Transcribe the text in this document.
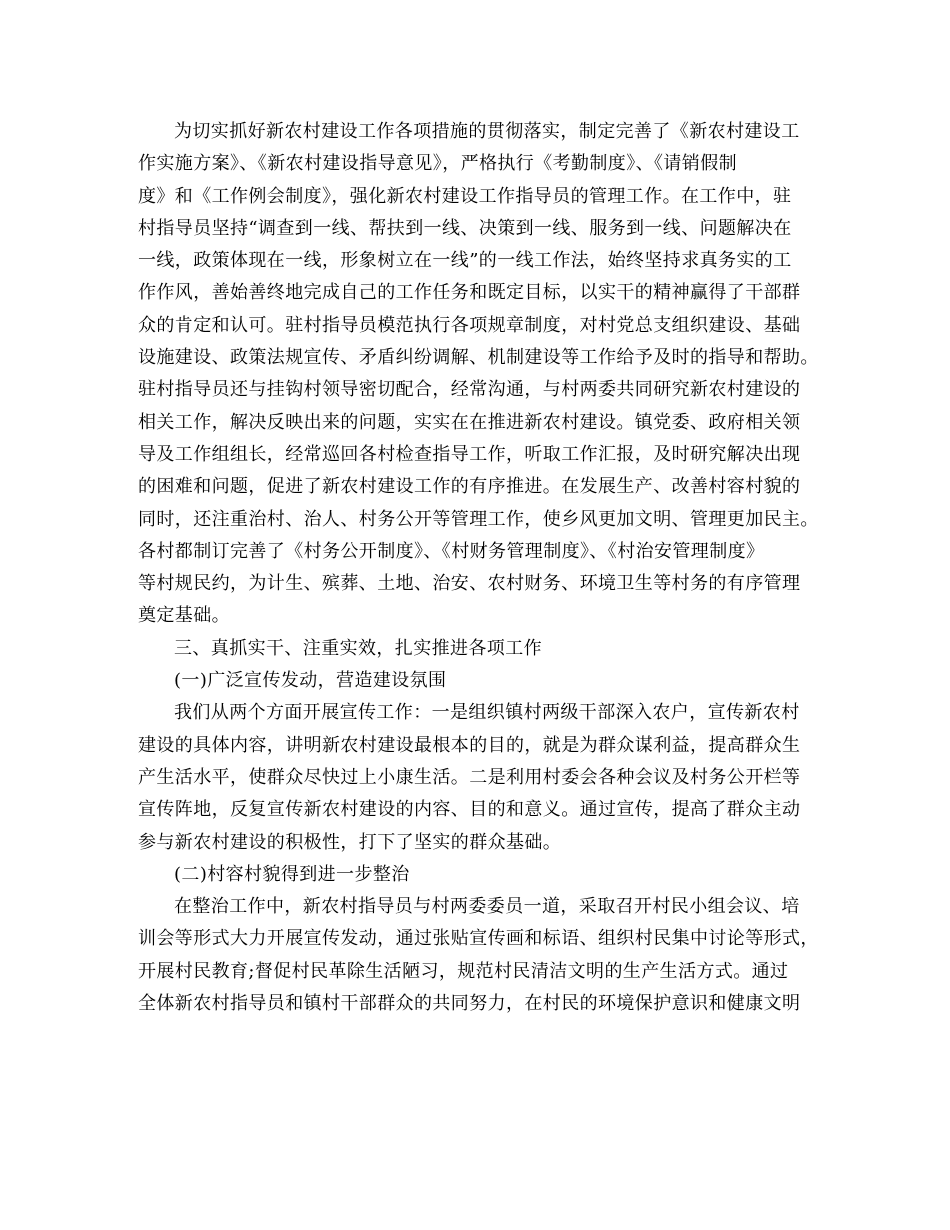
为切实抓好新农村建设工作各项措施的贯彻落实，制定完善了《新农村建设工
作实施方案》、《新农村建设指导意见》，严格执行《考勤制度》、《请销假制
度》和《工作例会制度》，强化新农村建设工作指导员的管理工作。在工作中，驻
村指导员坚持“调查到一线、帮扶到一线、决策到一线、服务到一线、问题解决在
一线，政策体现在一线，形象树立在一线”的一线工作法，始终坚持求真务实的工
作作风，善始善终地完成自己的工作任务和既定目标，以实干的精神赢得了干部群
众的肯定和认可。驻村指导员模范执行各项规章制度，对村党总支组织建设、基础
设施建设、政策法规宣传、矛盾纠纷调解、机制建设等工作给予及时的指导和帮助。
驻村指导员还与挂钩村领导密切配合，经常沟通，与村两委共同研究新农村建设的
相关工作，解决反映出来的问题，实实在在推进新农村建设。镇党委、政府相关领
导及工作组组长，经常巡回各村检查指导工作，听取工作汇报，及时研究解决出现
的困难和问题，促进了新农村建设工作的有序推进。在发展生产、改善村容村貌的
同时，还注重治村、治人、村务公开等管理工作，使乡风更加文明、管理更加民主。
各村都制订完善了《村务公开制度》、《村财务管理制度》、《村治安管理制度》
等村规民约，为计生、殡葬、土地、治安、农村财务、环境卫生等村务的有序管理
奠定基础。
三、真抓实干、注重实效，扎实推进各项工作
(一)广泛宣传发动，营造建设氛围
我们从两个方面开展宣传工作：一是组织镇村两级干部深入农户，宣传新农村
建设的具体内容，讲明新农村建设最根本的目的，就是为群众谋利益，提高群众生
产生活水平，使群众尽快过上小康生活。二是利用村委会各种会议及村务公开栏等
宣传阵地，反复宣传新农村建设的内容、目的和意义。通过宣传，提高了群众主动
参与新农村建设的积极性，打下了坚实的群众基础。
(二)村容村貌得到进一步整治
在整治工作中，新农村指导员与村两委委员一道，采取召开村民小组会议、培
训会等形式大力开展宣传发动，通过张贴宣传画和标语、组织村民集中讨论等形式，
开展村民教育;督促村民革除生活陋习，规范村民清洁文明的生产生活方式。通过
全体新农村指导员和镇村干部群众的共同努力，在村民的环境保护意识和健康文明
